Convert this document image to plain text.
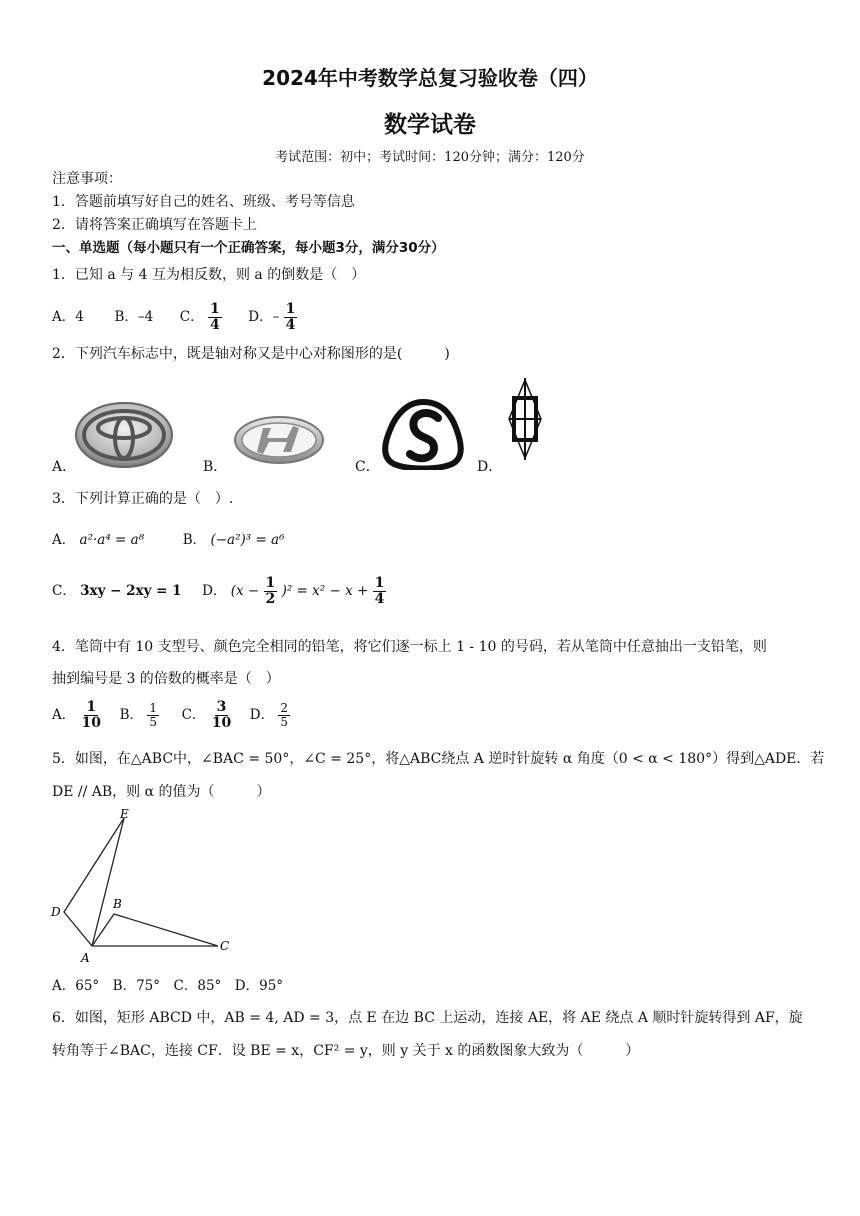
2024年中考数学总复习验收卷（四）
数学试卷
考试范围：初中；考试时间：120分钟；满分：120分
注意事项：
1．答题前填写好自己的姓名、班级、考号等信息
2．请将答案正确填写在答题卡上
一、单选题（每小题只有一个正确答案，每小题3分，满分30分）
1．已知 a 与 4 互为相反数，则 a 的倒数是（　）
A．4 B．–4 C． $\frac{1}{4}$ D．– $\frac{1}{4}$
2．下列汽车标志中，既是轴对称又是中心对称图形的是(　　　)
A．	B．	C．	D．
3．下列计算正确的是（　）.
A． a²·a⁴ = a⁸	B． (−a²)³ = a⁶
C． 3xy − 2xy = 1 D． $(x - \frac{1}{2} )^2 = x^2 - x + \frac{1}{4}$
4．笔筒中有 10 支型号、颜色完全相同的铅笔，将它们逐一标上 1 - 10 的号码，若从笔筒中任意抽出一支铅笔，则
抽到编号是 3 的倍数的概率是（　）
A． $\frac{1}{10}$ B． $\frac{1}{5}$ C． $\frac{3}{10}$ D． $\frac{2}{5}$
5．如图，在△ABC中，∠BAC = 50°，∠C = 25°，将△ABC绕点 A 逆时针旋转 α 角度（0 < α < 180°）得到△ADE．若
DE // AB，则 α 的值为（　　　）
E
D
B
A
C
A．65°　B．75°　C．85°　D．95°
6．如图，矩形 ABCD 中，AB = 4, AD = 3，点 E 在边 BC 上运动，连接 AE，将 AE 绕点 A 顺时针旋转得到 AF，旋
转角等于∠BAC，连接 CF．设 BE = x，CF² = y，则 y 关于 x 的函数图象大致为（　　　）
